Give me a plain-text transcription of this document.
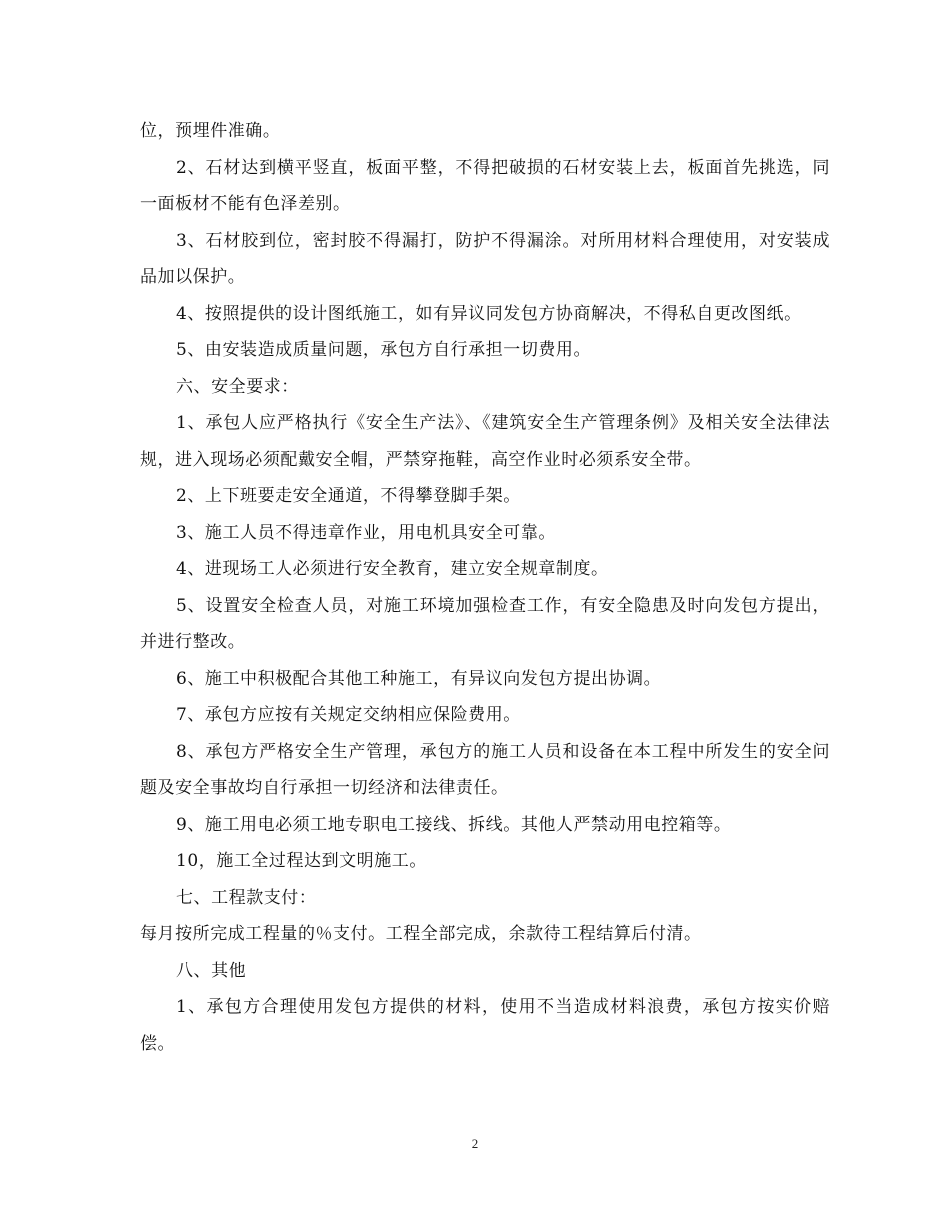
位，预埋件准确。

2、石材达到横平竖直，板面平整，不得把破损的石材安装上去，板面首先挑选，同一面板材不能有色泽差别。

3、石材胶到位，密封胶不得漏打，防护不得漏涂。对所用材料合理使用，对安装成品加以保护。

4、按照提供的设计图纸施工，如有异议同发包方协商解决，不得私自更改图纸。

5、由安装造成质量问题，承包方自行承担一切费用。

六、安全要求：

1、承包人应严格执行《安全生产法》、《建筑安全生产管理条例》及相关安全法律法规，进入现场必须配戴安全帽，严禁穿拖鞋，高空作业时必须系安全带。

2、上下班要走安全通道，不得攀登脚手架。

3、施工人员不得违章作业，用电机具安全可靠。

4、进现场工人必须进行安全教育，建立安全规章制度。

5、设置安全检查人员，对施工环境加强检查工作，有安全隐患及时向发包方提出，并进行整改。

6、施工中积极配合其他工种施工，有异议向发包方提出协调。

7、承包方应按有关规定交纳相应保险费用。

8、承包方严格安全生产管理，承包方的施工人员和设备在本工程中所发生的安全问题及安全事故均自行承担一切经济和法律责任。

9、施工用电必须工地专职电工接线、拆线。其他人严禁动用电控箱等。

10，施工全过程达到文明施工。

七、工程款支付：

每月按所完成工程量的％支付。工程全部完成，余款待工程结算后付清。

八、其他

1、承包方合理使用发包方提供的材料，使用不当造成材料浪费，承包方按实价赔偿。

2
